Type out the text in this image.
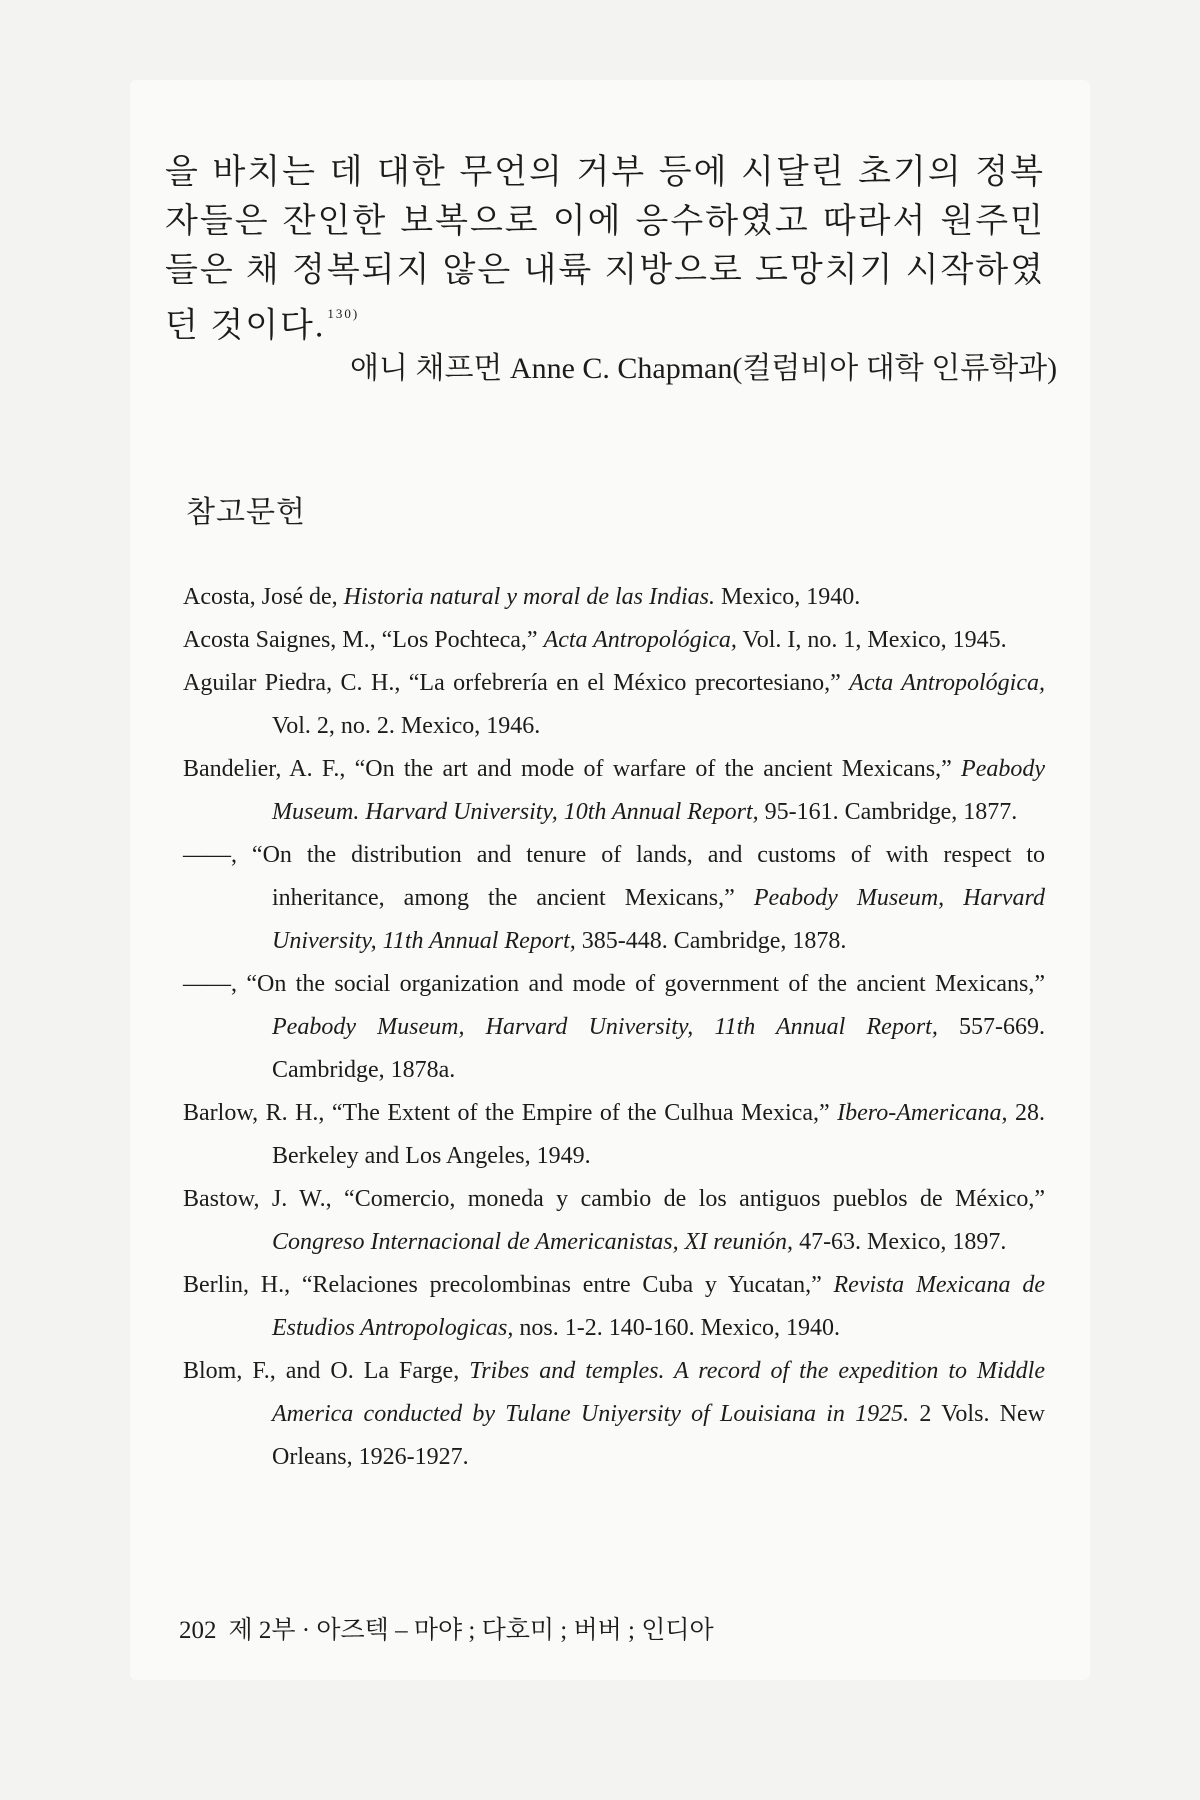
을 바치는 데 대한 무언의 거부 등에 시달린 초기의 정복자들은 잔인한 보복으로 이에 응수하였고 따라서 원주민들은 채 정복되지 않은 내륙 지방으로 도망치기 시작하였던 것이다. $^{130)}$
애니 채프먼 Anne C. Chapman(컬럼비아 대학 인류학과)
참고문헌
Acosta, José de, Historia natural y moral de las Indias. Mexico, 1940.
Acosta Saignes, M., “Los Pochteca,” Acta Antropológica, Vol. I, no. 1, Mexico, 1945.
Aguilar Piedra, C. H., “La orfebrería en el México precortesiano,” Acta Antropológica, Vol. 2, no. 2. Mexico, 1946.
Bandelier, A. F., “On the art and mode of warfare of the ancient Mexicans,” Peabody Museum. Harvard University, 10th Annual Report, 95-161. Cambridge, 1877.
——, “On the distribution and tenure of lands, and customs of with respect to inheritance, among the ancient Mexicans,” Peabody Museum, Harvard University, 11th Annual Report, 385-448. Cambridge, 1878.
——, “On the social organization and mode of government of the ancient Mexicans,” Peabody Museum, Harvard University, 11th Annual Report, 557-669. Cambridge, 1878a.
Barlow, R. H., “The Extent of the Empire of the Culhua Mexica,” Ibero-Americana, 28. Berkeley and Los Angeles, 1949.
Bastow, J. W., “Comercio, moneda y cambio de los antiguos pueblos de México,” Congreso Internacional de Americanistas, XI reunión, 47-63. Mexico, 1897.
Berlin, H., “Relaciones precolombinas entre Cuba y Yucatan,” Revista Mexicana de Estudios Antropologicas, nos. 1-2. 140-160. Mexico, 1940.
Blom, F., and O. La Farge, Tribes and temples. A record of the expedition to Middle America conducted by Tulane Uniyersity of Louisiana in 1925. 2 Vols. New Orleans, 1926-1927.
202 제 2부 · 아즈텍 – 마야 ; 다호미 ; 버버 ; 인디아
